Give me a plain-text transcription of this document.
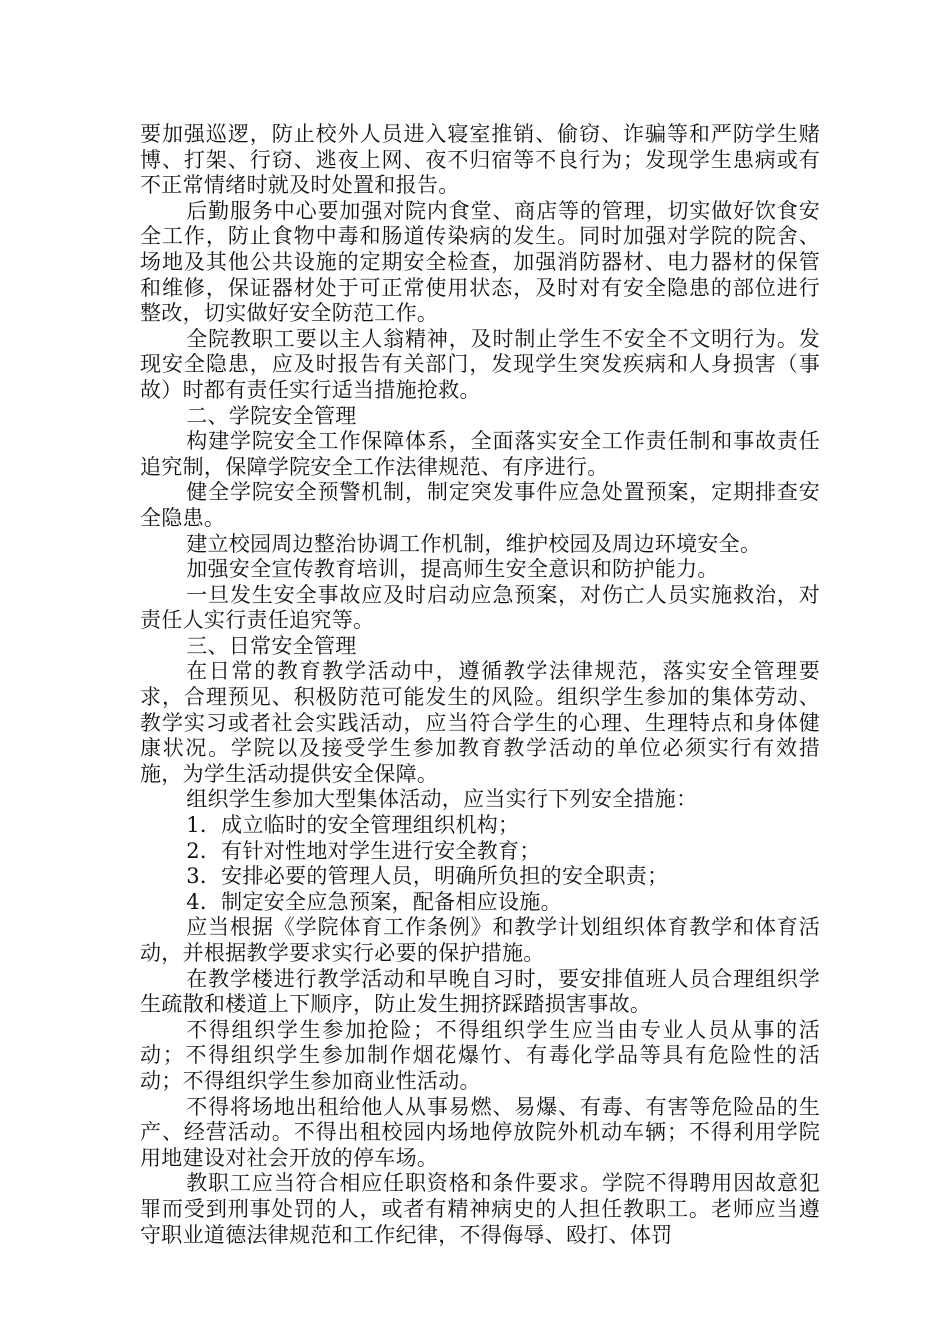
要加强巡逻，防止校外人员进入寝室推销、偷窃、诈骗等和严防学生赌博、打架、行窃、逃夜上网、夜不归宿等不良行为；发现学生患病或有不正常情绪时就及时处置和报告。

后勤服务中心要加强对院内食堂、商店等的管理，切实做好饮食安全工作，防止食物中毒和肠道传染病的发生。同时加强对学院的院舍、场地及其他公共设施的定期安全检查，加强消防器材、电力器材的保管和维修，保证器材处于可正常使用状态，及时对有安全隐患的部位进行整改，切实做好安全防范工作。

全院教职工要以主人翁精神，及时制止学生不安全不文明行为。发现安全隐患，应及时报告有关部门，发现学生突发疾病和人身损害（事故）时都有责任实行适当措施抢救。

二、学院安全管理

构建学院安全工作保障体系，全面落实安全工作责任制和事故责任追究制，保障学院安全工作法律规范、有序进行。

健全学院安全预警机制，制定突发事件应急处置预案，定期排查安全隐患。

建立校园周边整治协调工作机制，维护校园及周边环境安全。

加强安全宣传教育培训，提高师生安全意识和防护能力。

一旦发生安全事故应及时启动应急预案，对伤亡人员实施救治，对责任人实行责任追究等。

三、日常安全管理

在日常的教育教学活动中，遵循教学法律规范，落实安全管理要求，合理预见、积极防范可能发生的风险。组织学生参加的集体劳动、教学实习或者社会实践活动，应当符合学生的心理、生理特点和身体健康状况。学院以及接受学生参加教育教学活动的单位必须实行有效措施，为学生活动提供安全保障。

组织学生参加大型集体活动，应当实行下列安全措施：

1．成立临时的安全管理组织机构；

2．有针对性地对学生进行安全教育；

3．安排必要的管理人员，明确所负担的安全职责；

4．制定安全应急预案，配备相应设施。

应当根据《学院体育工作条例》和教学计划组织体育教学和体育活动，并根据教学要求实行必要的保护措施。

在教学楼进行教学活动和早晚自习时，要安排值班人员合理组织学生疏散和楼道上下顺序，防止发生拥挤踩踏损害事故。

不得组织学生参加抢险；不得组织学生应当由专业人员从事的活动；不得组织学生参加制作烟花爆竹、有毒化学品等具有危险性的活动；不得组织学生参加商业性活动。

不得将场地出租给他人从事易燃、易爆、有毒、有害等危险品的生产、经营活动。不得出租校园内场地停放院外机动车辆；不得利用学院用地建设对社会开放的停车场。

教职工应当符合相应任职资格和条件要求。学院不得聘用因故意犯罪而受到刑事处罚的人，或者有精神病史的人担任教职工。老师应当遵守职业道德法律规范和工作纪律，不得侮辱、殴打、体罚
